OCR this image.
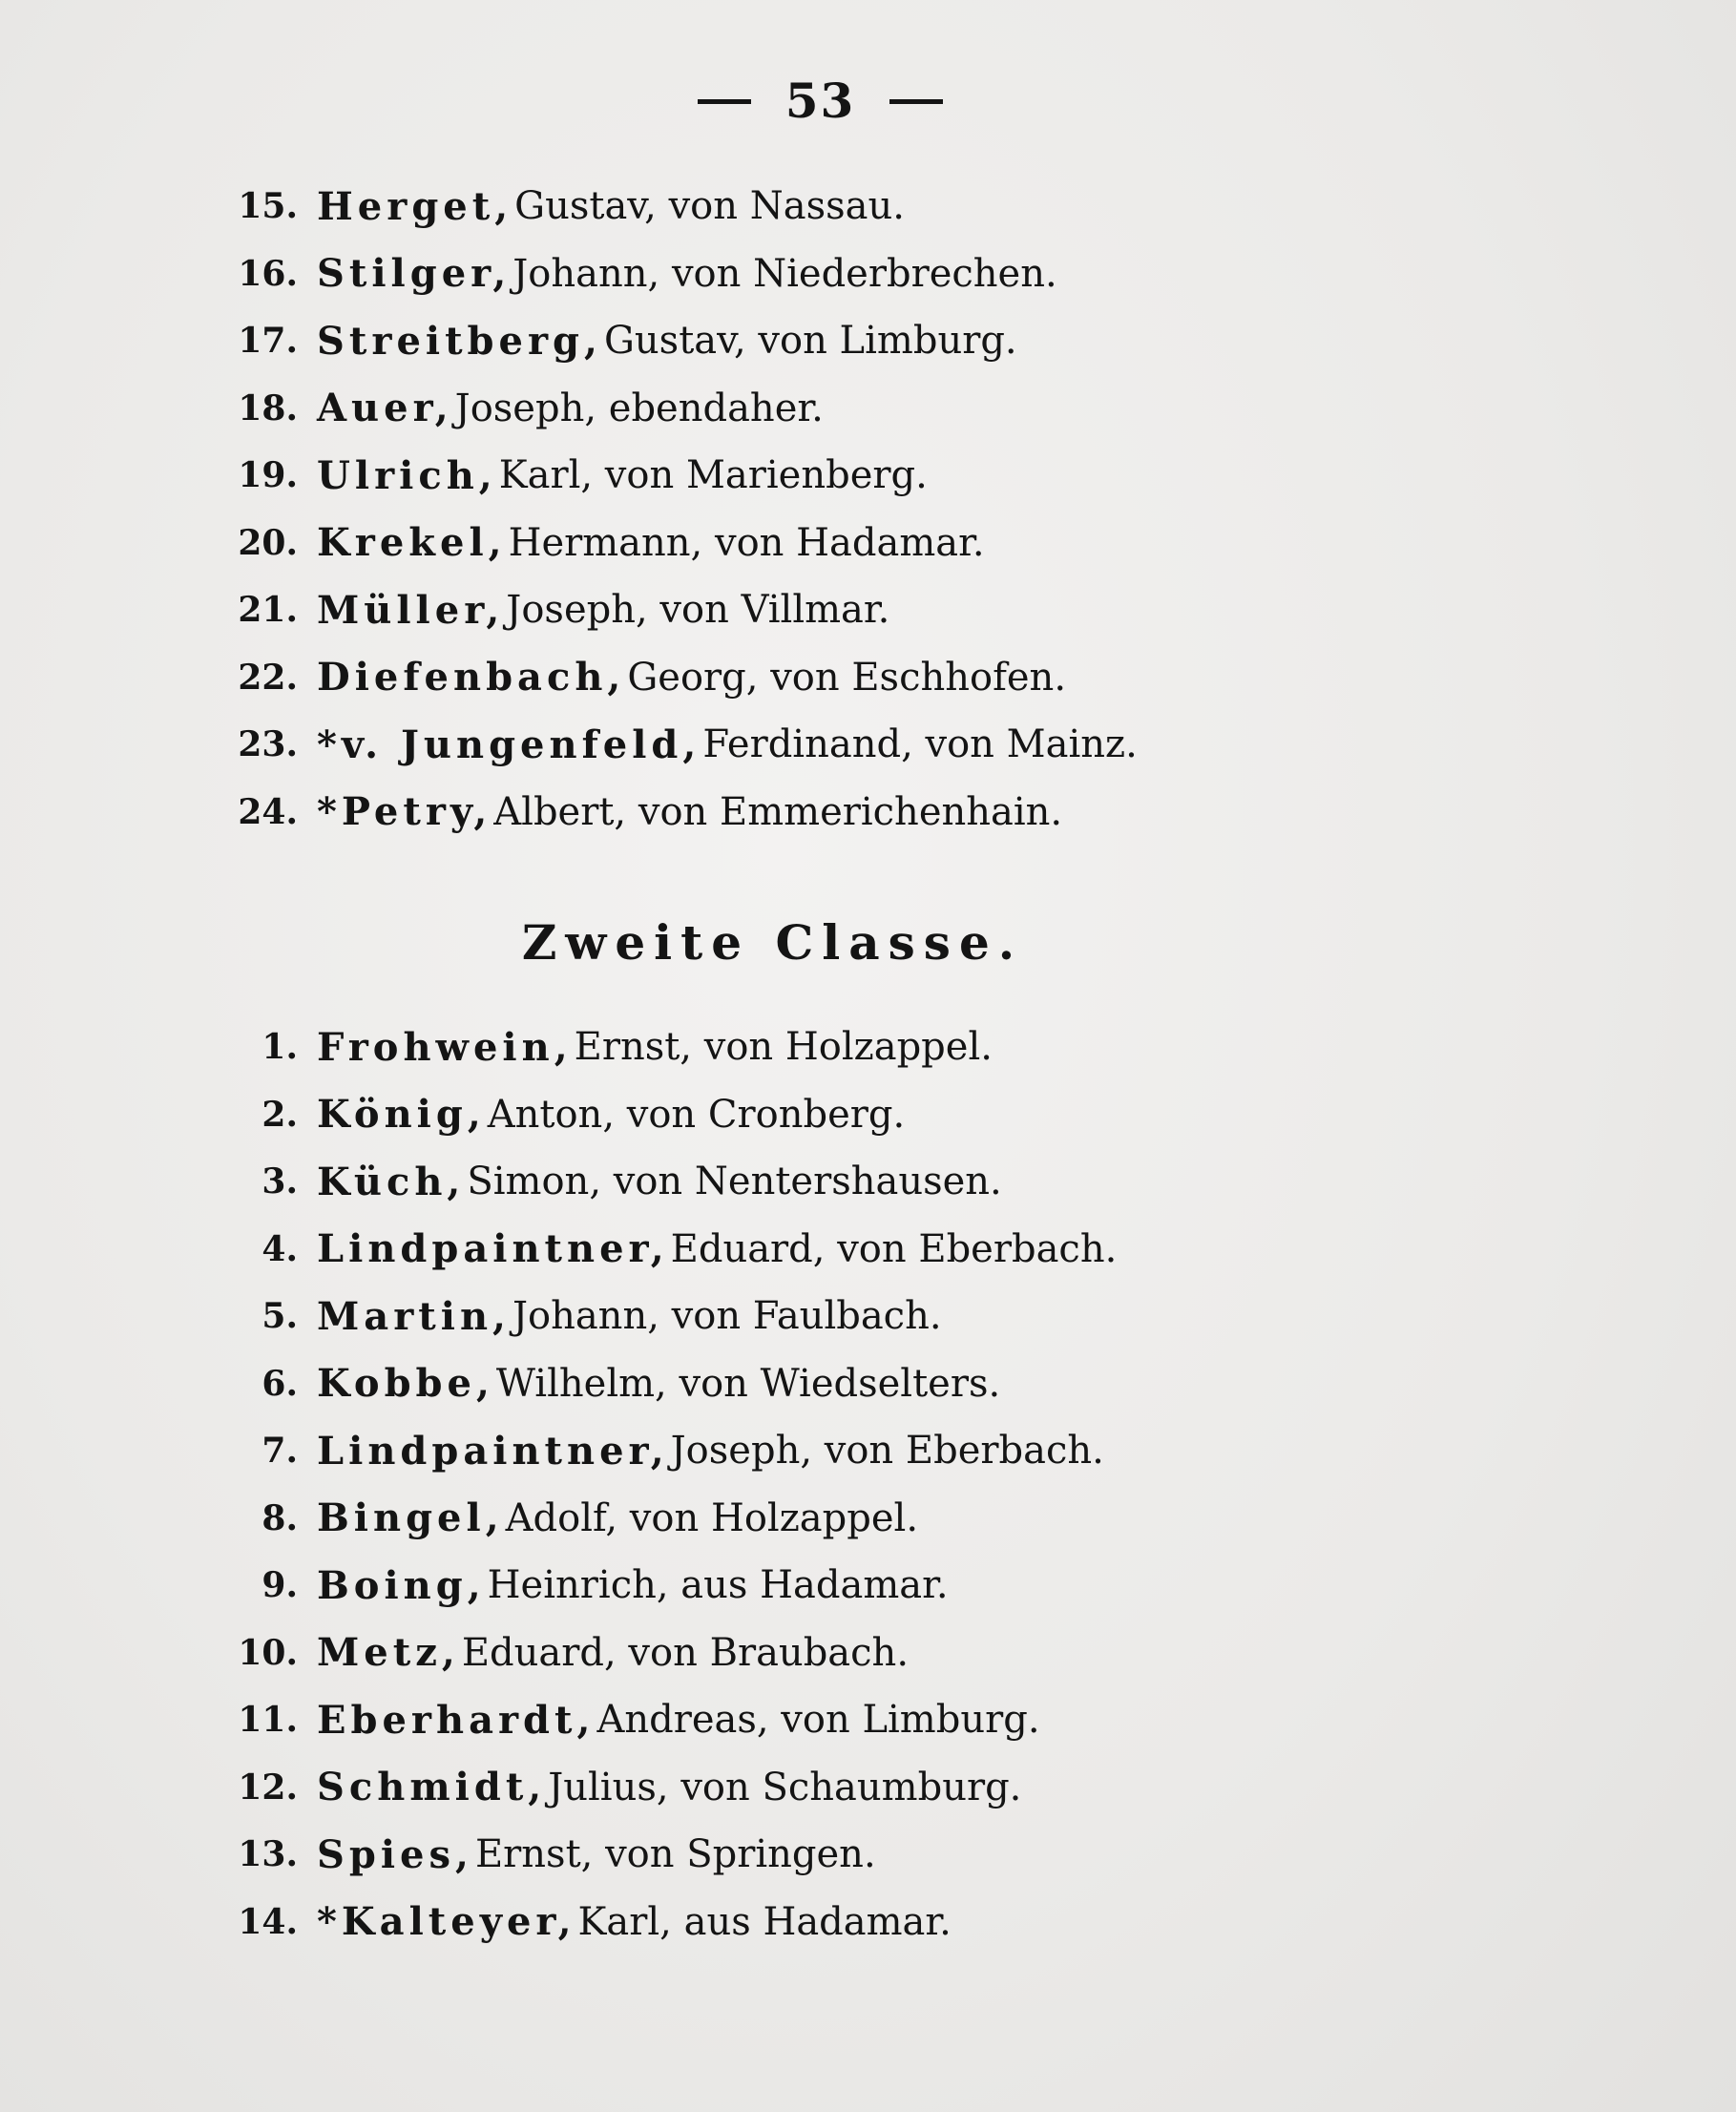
53
15. Herget, Gustav, von Nassau.
16. Stilger, Johann, von Niederbrechen.
17. Streitberg, Gustav, von Limburg.
18. Auer, Joseph, ebendaher.
19. Ulrich, Karl, von Marienberg.
20. Krekel, Hermann, von Hadamar.
21. Müller, Joseph, von Villmar.
22. Diefenbach, Georg, von Eschhofen.
23. *v. Jungenfeld, Ferdinand, von Mainz.
24. *Petry, Albert, von Emmerichenhain.
Zweite Classe.
1. Frohwein, Ernst, von Holzappel.
2. König, Anton, von Cronberg.
3. Küch, Simon, von Nentershausen.
4. Lindpaintner, Eduard, von Eberbach.
5. Martin, Johann, von Faulbach.
6. Kobbe, Wilhelm, von Wiedselters.
7. Lindpaintner, Joseph, von Eberbach.
8. Bingel, Adolf, von Holzappel.
9. Boing, Heinrich, aus Hadamar.
10. Metz, Eduard, von Braubach.
11. Eberhardt, Andreas, von Limburg.
12. Schmidt, Julius, von Schaumburg.
13. Spies, Ernst, von Springen.
14. *Kalteyer, Karl, aus Hadamar.
